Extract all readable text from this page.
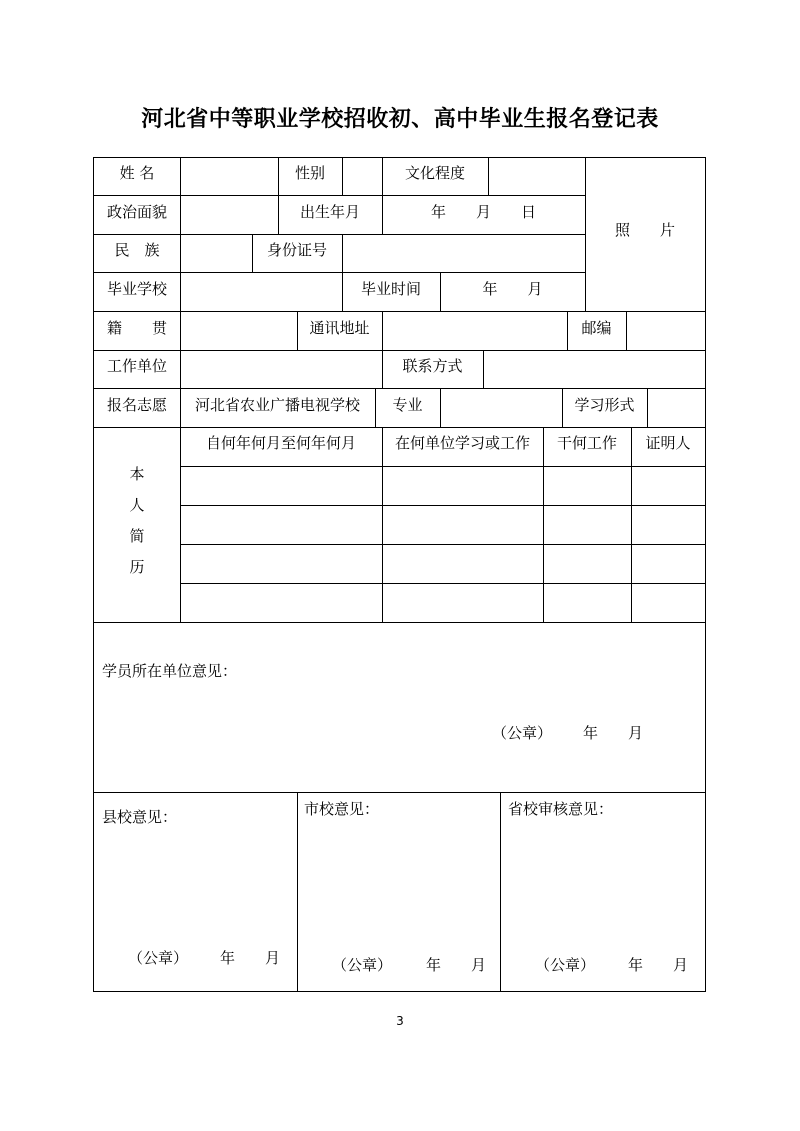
河北省中等职业学校招收初、高中毕业生报名登记表
姓 名	性别	文化程度
政治面貌	出生年月	年　　月　　日
照　　片
民　族	身份证号
毕业学校	毕业时间	年　　月
籍　　贯	通讯地址	邮编
工作单位	联系方式
报名志愿	河北省农业广播电视学校	专业	学习形式
本
人
简
历
自何年何月至何年何月	在何单位学习或工作	干何工作	证明人
学员所在单位意见：
（公章） 年　　月
县校意见：
（公章） 年　　月
市校意见：
（公章） 年　　月
省校审核意见：
（公章） 年　　月
3
